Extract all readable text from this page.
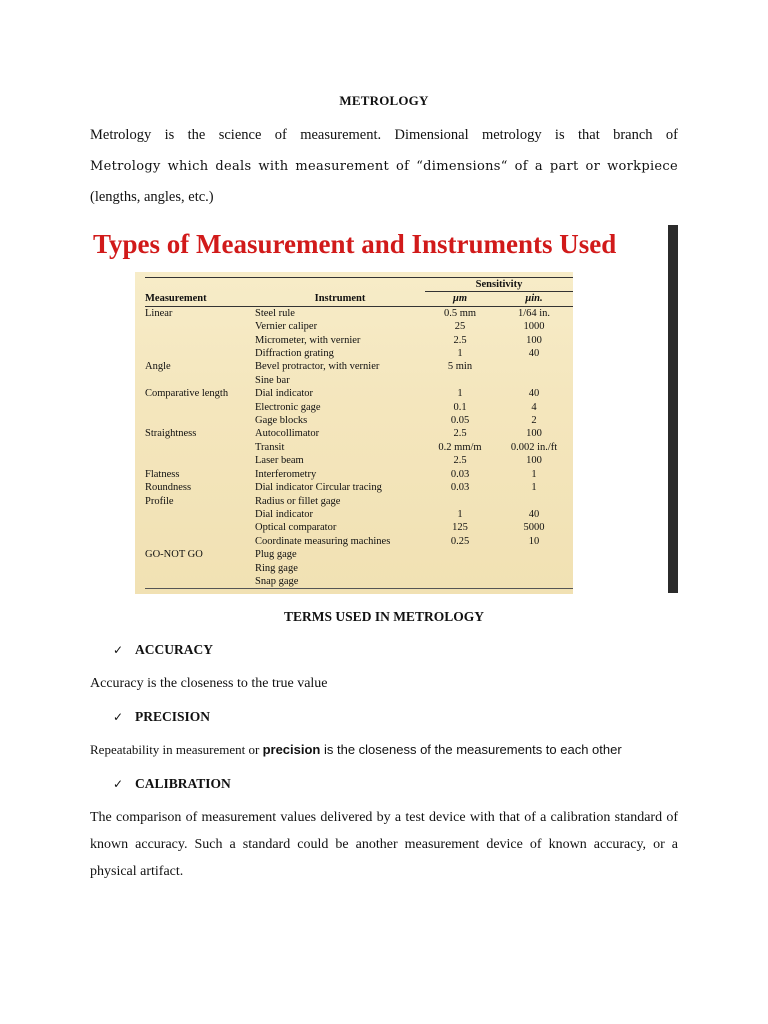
METROLOGY
Metrology is the science of measurement. Dimensional metrology is that branch of
Metrology which deals with measurement of “dimensions“ of a part or workpiece
(lengths, angles, etc.)
Types of Measurement and Instruments Used
		Sensitivity	
Measurement	Instrument	μm	μin.
Linear	Steel rule	0.5 mm	1/64 in.
	Vernier caliper	25	1000
	Micrometer, with vernier	2.5	100
	Diffraction grating	1	40
Angle	Bevel protractor, with vernier	5 min	
	Sine bar		
Comparative length	Dial indicator	1	40
	Electronic gage	0.1	4
	Gage blocks	0.05	2
Straightness	Autocollimator	2.5	100
	Transit	0.2 mm/m	0.002 in./ft
	Laser beam	2.5	100
Flatness	Interferometry	0.03	1
Roundness	Dial indicator Circular tracing	0.03	1
Profile	Radius or fillet gage		
	Dial indicator	1	40
	Optical comparator	125	5000
	Coordinate measuring machines	0.25	10
GO-NOT GO	Plug gage		
	Ring gage		
	Snap gage		
TERMS USED IN METROLOGY
✓ ACCURACY
Accuracy is the closeness to the true value
✓ PRECISION
Repeatability in measurement or precision is the closeness of the measurements to each other
✓ CALIBRATION
The comparison of measurement values delivered by a test device with that of a calibration standard of known accuracy. Such a standard could be another measurement device of known accuracy, or a physical artifact.
